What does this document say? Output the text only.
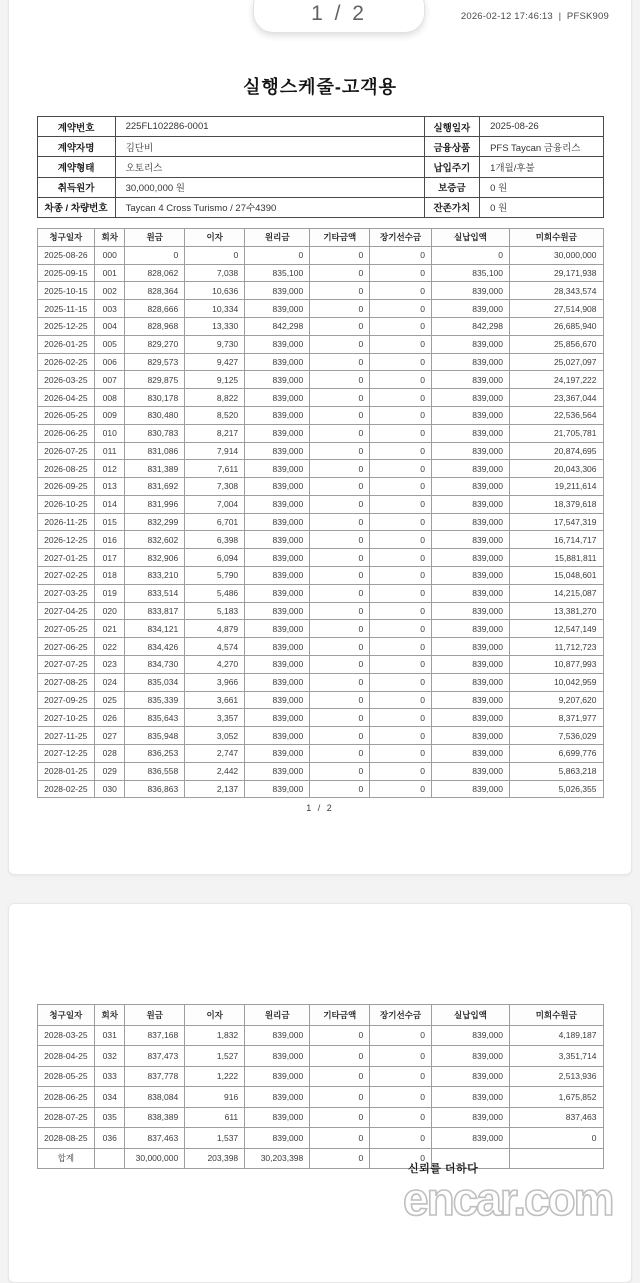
2026-02-12 17:46:13 | PFSK909
실행스케줄-고객용
계약번호	225FL102286-0001	실행일자	2025-08-26
계약자명	김단비	금융상품	PFS Taycan 금융리스
계약형태	오토리스	납입주기	1개월/후불
취득원가	30,000,000 원	보증금	0 원
차종 / 차량번호	Taycan 4 Cross Turismo / 27수4390	잔존가치	0 원
청구일자	회차	원금	이자	원리금	기타금액	장기선수금	실납입액	미회수원금
2025-08-26	000	0	0	0	0	0	0	30,000,000
2025-09-15	001	828,062	7,038	835,100	0	0	835,100	29,171,938
2025-10-15	002	828,364	10,636	839,000	0	0	839,000	28,343,574
2025-11-15	003	828,666	10,334	839,000	0	0	839,000	27,514,908
2025-12-25	004	828,968	13,330	842,298	0	0	842,298	26,685,940
2026-01-25	005	829,270	9,730	839,000	0	0	839,000	25,856,670
2026-02-25	006	829,573	9,427	839,000	0	0	839,000	25,027,097
2026-03-25	007	829,875	9,125	839,000	0	0	839,000	24,197,222
2026-04-25	008	830,178	8,822	839,000	0	0	839,000	23,367,044
2026-05-25	009	830,480	8,520	839,000	0	0	839,000	22,536,564
2026-06-25	010	830,783	8,217	839,000	0	0	839,000	21,705,781
2026-07-25	011	831,086	7,914	839,000	0	0	839,000	20,874,695
2026-08-25	012	831,389	7,611	839,000	0	0	839,000	20,043,306
2026-09-25	013	831,692	7,308	839,000	0	0	839,000	19,211,614
2026-10-25	014	831,996	7,004	839,000	0	0	839,000	18,379,618
2026-11-25	015	832,299	6,701	839,000	0	0	839,000	17,547,319
2026-12-25	016	832,602	6,398	839,000	0	0	839,000	16,714,717
2027-01-25	017	832,906	6,094	839,000	0	0	839,000	15,881,811
2027-02-25	018	833,210	5,790	839,000	0	0	839,000	15,048,601
2027-03-25	019	833,514	5,486	839,000	0	0	839,000	14,215,087
2027-04-25	020	833,817	5,183	839,000	0	0	839,000	13,381,270
2027-05-25	021	834,121	4,879	839,000	0	0	839,000	12,547,149
2027-06-25	022	834,426	4,574	839,000	0	0	839,000	11,712,723
2027-07-25	023	834,730	4,270	839,000	0	0	839,000	10,877,993
2027-08-25	024	835,034	3,966	839,000	0	0	839,000	10,042,959
2027-09-25	025	835,339	3,661	839,000	0	0	839,000	9,207,620
2027-10-25	026	835,643	3,357	839,000	0	0	839,000	8,371,977
2027-11-25	027	835,948	3,052	839,000	0	0	839,000	7,536,029
2027-12-25	028	836,253	2,747	839,000	0	0	839,000	6,699,776
2028-01-25	029	836,558	2,442	839,000	0	0	839,000	5,863,218
2028-02-25	030	836,863	2,137	839,000	0	0	839,000	5,026,355
1 / 2
청구일자	회차	원금	이자	원리금	기타금액	장기선수금	실납입액	미회수원금
2028-03-25	031	837,168	1,832	839,000	0	0	839,000	4,189,187
2028-04-25	032	837,473	1,527	839,000	0	0	839,000	3,351,714
2028-05-25	033	837,778	1,222	839,000	0	0	839,000	2,513,936
2028-06-25	034	838,084	916	839,000	0	0	839,000	1,675,852
2028-07-25	035	838,389	611	839,000	0	0	839,000	837,463
2028-08-25	036	837,463	1,537	839,000	0	0	839,000	0
합계		30,000,000	203,398	30,203,398	0	0		
신뢰를 더하다
encar.com
1 / 2
